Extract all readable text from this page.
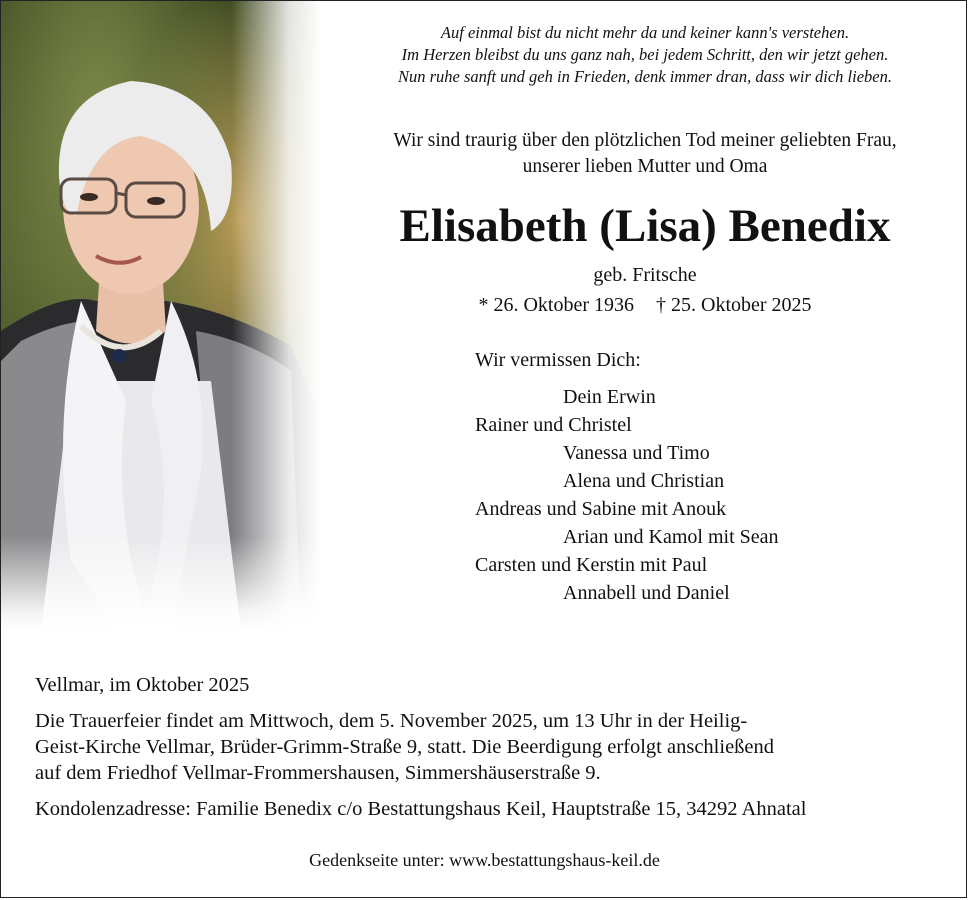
Auf einmal bist du nicht mehr da und keiner kann's verstehen.
Im Herzen bleibst du uns ganz nah, bei jedem Schritt, den wir jetzt gehen.
Nun ruhe sanft und geh in Frieden, denk immer dran, dass wir dich lieben.
Wir sind traurig über den plötzlichen Tod meiner geliebten Frau,
unserer lieben Mutter und Oma
Elisabeth (Lisa) Benedix
geb. Fritsche
* 26. Oktober 1936 † 25. Oktober 2025
Wir vermissen Dich:
Dein Erwin
Rainer und Christel
Vanessa und Timo
Alena und Christian
Andreas und Sabine mit Anouk
Arian und Kamol mit Sean
Carsten und Kerstin mit Paul
Annabell und Daniel
Vellmar, im Oktober 2025
Die Trauerfeier findet am Mittwoch, dem 5. November 2025, um 13 Uhr in der Heilig-
Geist-Kirche Vellmar, Brüder-Grimm-Straße 9, statt. Die Beerdigung erfolgt anschließend
auf dem Friedhof Vellmar-Frommershausen, Simmershäuserstraße 9.
Kondolenzadresse: Familie Benedix c/o Bestattungshaus Keil, Hauptstraße 15, 34292 Ahnatal
Gedenkseite unter: www.bestattungshaus-keil.de
